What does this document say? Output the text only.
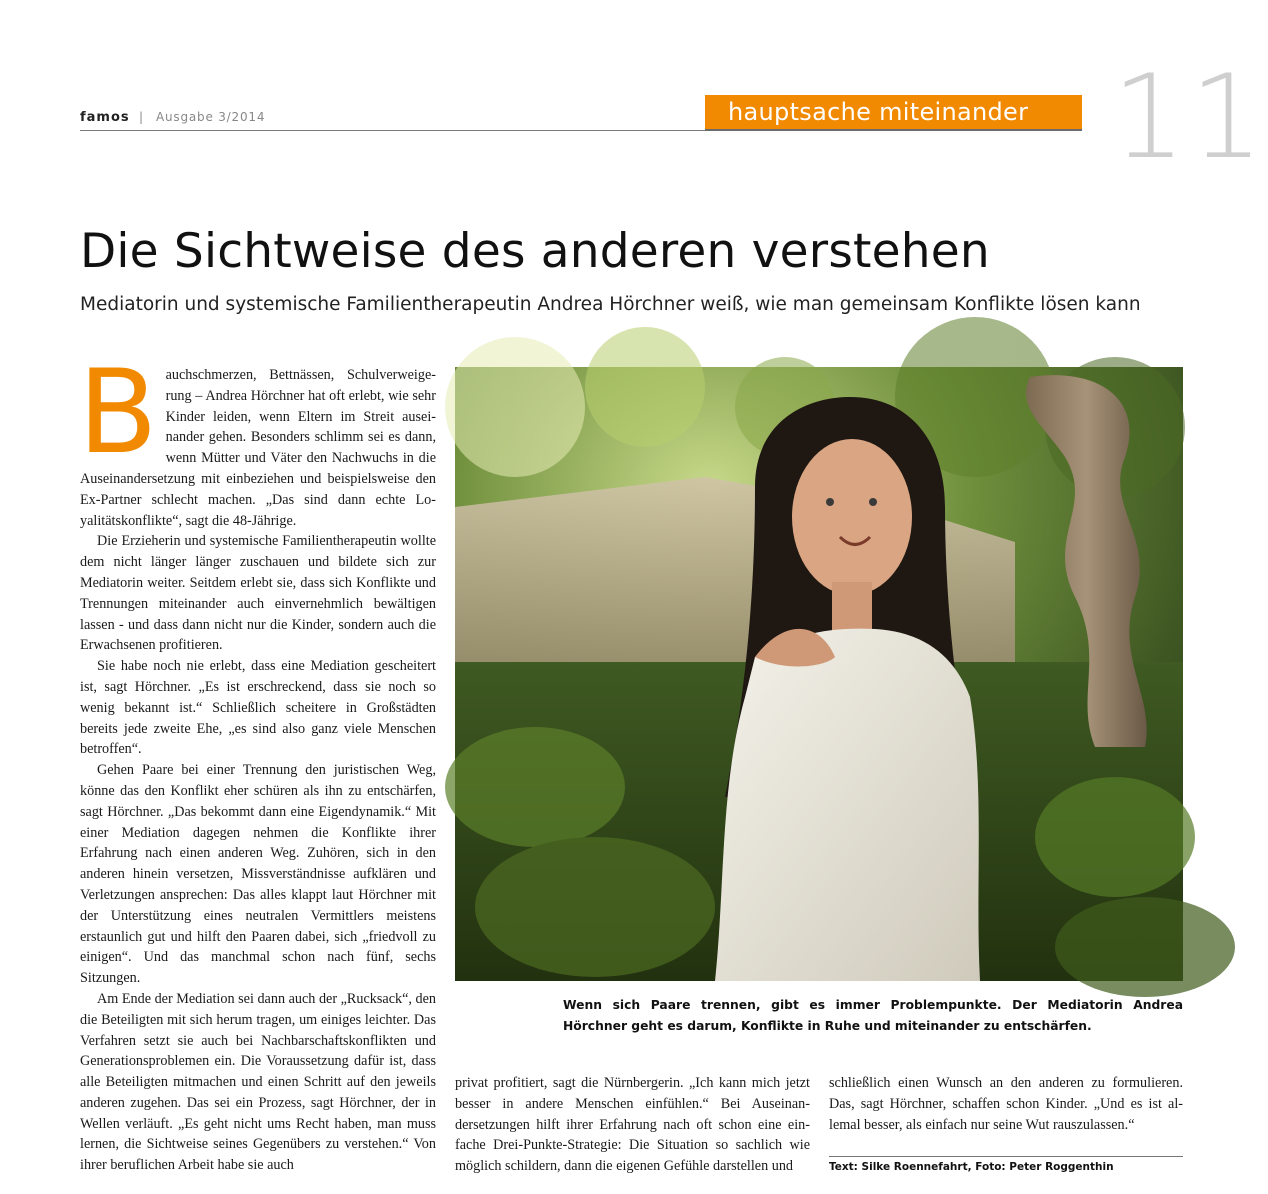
famos | Ausgabe 3/2014	hauptsache miteinander 11
Die Sichtweise des anderen verstehen
Mediatorin und systemische Familientherapeutin Andrea Hörchner weiß, wie man gemeinsam Konflikte lösen kann

Bauchschmerzen, Bettnässen, Schulverweigerung – Andrea Hörchner hat oft erlebt, wie sehr Kinder leiden, wenn Eltern im Streit auseinander gehen. Besonders schlimm sei es dann, wenn Mütter und Väter den Nachwuchs in die Auseinandersetzung mit einbeziehen und beispielsweise den Ex-Partner schlecht machen. „Das sind dann echte Loyalitätskonflikte“, sagt die 48-Jährige.

Die Erzieherin und systemische Familientherapeutin wollte dem nicht länger länger zuschauen und bildete sich zur Mediatorin weiter. Seitdem erlebt sie, dass sich Konflikte und Trennungen miteinander auch einvernehmlich bewältigen lassen - und dass dann nicht nur die Kinder, sondern auch die Erwachsenen profitieren.

Sie habe noch nie erlebt, dass eine Mediation gescheitert ist, sagt Hörchner. „Es ist erschreckend, dass sie noch so wenig bekannt ist.“ Schließlich scheitere in Großstädten bereits jede zweite Ehe, „es sind also ganz viele Menschen betroffen“.

Gehen Paare bei einer Trennung den juristischen Weg, könne das den Konflikt eher schüren als ihn zu entschärfen, sagt Hörchner. „Das bekommt dann eine Eigendynamik.“ Mit einer Mediation dagegen nehmen die Konflikte ihrer Erfahrung nach einen anderen Weg. Zuhören, sich in den anderen hinein versetzen, Missverständnisse aufklären und Verletzungen ansprechen: Das alles klappt laut Hörchner mit der Unterstützung eines neutralen Vermittlers meistens erstaunlich gut und hilft den Paaren dabei, sich „friedvoll zu einigen“. Und das manchmal schon nach fünf, sechs Sitzungen.

Am Ende der Mediation sei dann auch der „Rucksack“, den die Beteiligten mit sich herum tragen, um einiges leichter. Das Verfahren setzt sie auch bei Nachbarschaftskonflikten und Generationsproblemen ein. Die Voraussetzung dafür ist, dass alle Beteiligten mitmachen und einen Schritt auf den jeweils anderen zugehen. Das sei ein Prozess, sagt Hörchner, der in Wellen verläuft. „Es geht nicht ums Recht haben, man muss lernen, die Sichtweise seines Gegenübers zu verstehen.“ Von ihrer beruflichen Arbeit habe sie auch

Wenn sich Paare trennen, gibt es immer Problempunkte. Der Mediatorin Andrea Hörchner geht es darum, Konflikte in Ruhe und miteinander zu entschärfen.

privat profitiert, sagt die Nürnbergerin. „Ich kann mich jetzt besser in andere Menschen einfühlen.“ Bei Auseinandersetzungen hilft ihrer Erfahrung nach oft schon eine einfache Drei-Punkte-Strategie: Die Situation so sachlich wie möglich schildern, dann die eigenen Gefühle darstellen und

schließlich einen Wunsch an den anderen zu formulieren. Das, sagt Hörchner, schaffen schon Kinder. „Und es ist allemal besser, als einfach nur seine Wut rauszulassen.“

Text: Silke Roennefahrt, Foto: Peter Roggenthin
